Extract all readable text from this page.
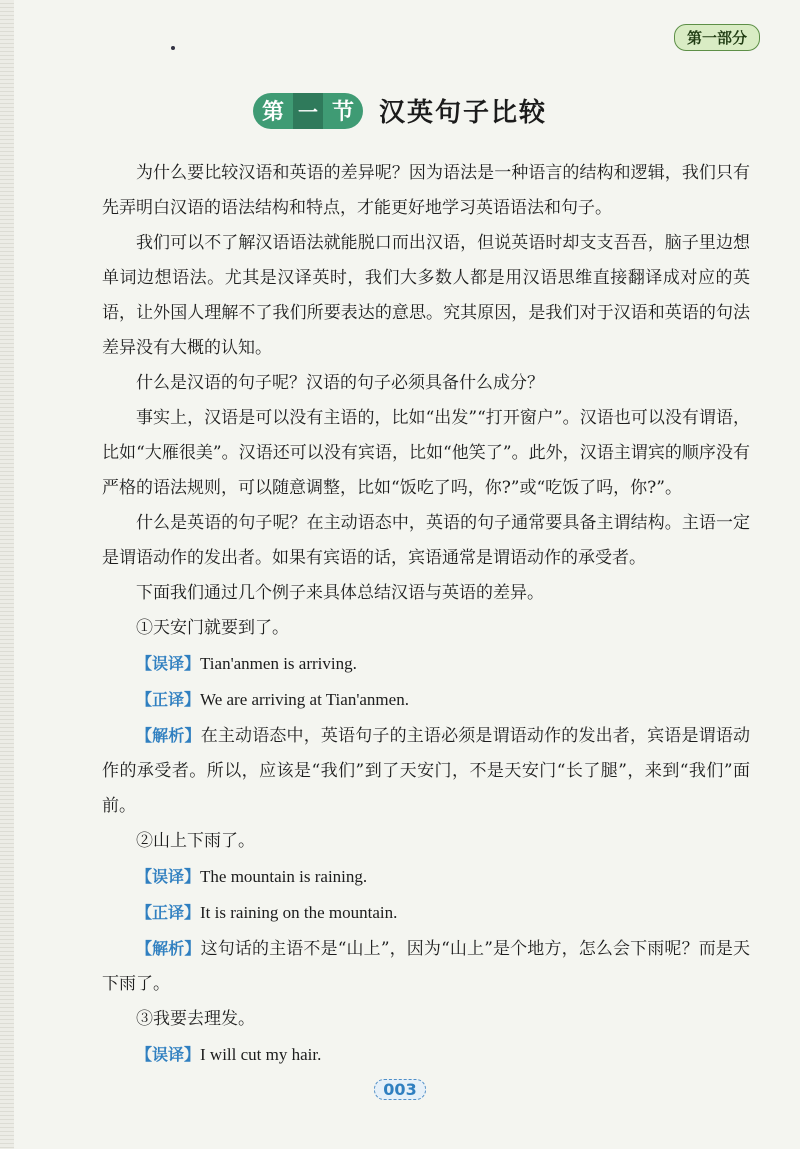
第一部分
第 一 节 汉英句子比较

为什么要比较汉语和英语的差异呢？因为语法是一种语言的结构和逻辑，我们只有先弄明白汉语的语法结构和特点，才能更好地学习英语语法和句子。

我们可以不了解汉语语法就能脱口而出汉语，但说英语时却支支吾吾，脑子里边想单词边想语法。尤其是汉译英时，我们大多数人都是用汉语思维直接翻译成对应的英语，让外国人理解不了我们所要表达的意思。究其原因，是我们对于汉语和英语的句法差异没有大概的认知。

什么是汉语的句子呢？汉语的句子必须具备什么成分？

事实上，汉语是可以没有主语的，比如“出发”“打开窗户”。汉语也可以没有谓语，比如“大雁很美”。汉语还可以没有宾语，比如“他笑了”。此外，汉语主谓宾的顺序没有严格的语法规则，可以随意调整，比如“饭吃了吗，你?”或“吃饭了吗，你?”。

什么是英语的句子呢？在主动语态中，英语的句子通常要具备主谓结构。主语一定是谓语动作的发出者。如果有宾语的话，宾语通常是谓语动作的承受者。

下面我们通过几个例子来具体总结汉语与英语的差异。

①天安门就要到了。

【误译】Tian'anmen is arriving.

【正译】We are arriving at Tian'anmen.

【解析】在主动语态中，英语句子的主语必须是谓语动作的发出者，宾语是谓语动作的承受者。所以，应该是“我们”到了天安门，不是天安门“长了腿”，来到“我们”面前。

②山上下雨了。

【误译】The mountain is raining.

【正译】It is raining on the mountain.

【解析】这句话的主语不是“山上”，因为“山上”是个地方，怎么会下雨呢？而是天下雨了。

③我要去理发。

【误译】I will cut my hair.

003
